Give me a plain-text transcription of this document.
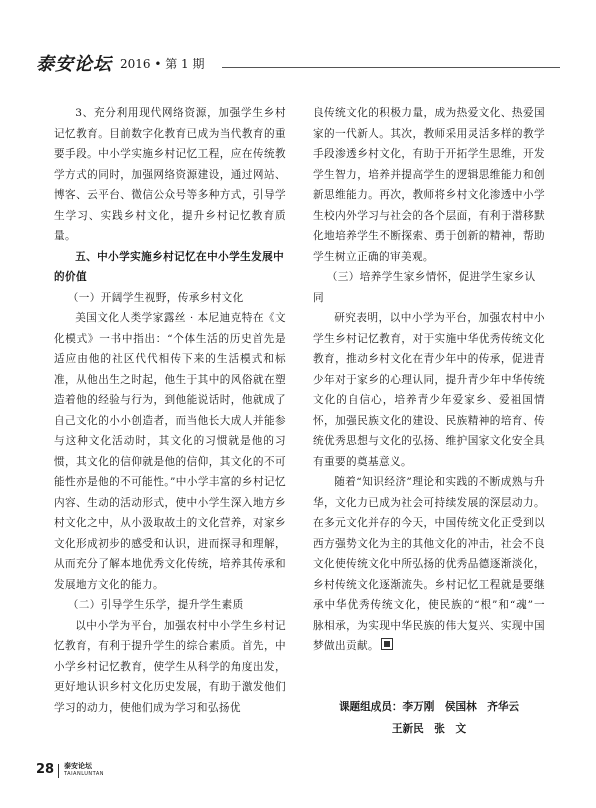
泰安论坛 2016 • 第 1 期

3、充分利用现代网络资源，加强学生乡村记忆教育。目前数字化教育已成为当代教育的重要手段。中小学实施乡村记忆工程，应在传统教学方式的同时，加强网络资源建设，通过网站、博客、云平台、微信公众号等多种方式，引导学生学习、实践乡村文化，提升乡村记忆教育质量。

五、中小学实施乡村记忆在中小学生发展中的价值
（一）开阔学生视野，传承乡村文化

美国文化人类学家露丝 · 本尼迪克特在《文化模式》一书中指出：“个体生活的历史首先是适应由他的社区代代相传下来的生活模式和标准，从他出生之时起，他生于其中的风俗就在塑造着他的经验与行为，到他能说话时，他就成了自己文化的小小创造者，而当他长大成人并能参与这种文化活动时，其文化的习惯就是他的习惯，其文化的信仰就是他的信仰，其文化的不可能性亦是他的不可能性。”中小学丰富的乡村记忆内容、生动的活动形式，使中小学生深入地方乡村文化之中，从小汲取故土的文化营养，对家乡文化形成初步的感受和认识，进而探寻和理解，从而充分了解本地优秀文化传统，培养其传承和发展地方文化的能力。

（二）引导学生乐学，提升学生素质

以中小学为平台，加强农村中小学生乡村记忆教育，有利于提升学生的综合素质。首先，中小学乡村记忆教育，使学生从科学的角度出发，更好地认识乡村文化历史发展，有助于激发他们学习的动力，使他们成为学习和弘扬优

良传统文化的积极力量，成为热爱文化、热爱国家的一代新人。其次，教师采用灵活多样的教学手段渗透乡村文化，有助于开拓学生思维，开发学生智力，培养并提高学生的逻辑思维能力和创新思维能力。再次，教师将乡村文化渗透中小学生校内外学习与社会的各个层面，有利于潜移默化地培养学生不断探索、勇于创新的精神，帮助学生树立正确的审美观。

（三）培养学生家乡情怀，促进学生家乡认同

研究表明，以中小学为平台，加强农村中小学生乡村记忆教育，对于实施中华优秀传统文化教育，推动乡村文化在青少年中的传承，促进青少年对于家乡的心理认同，提升青少年中华传统文化的自信心，培养青少年爱家乡、爱祖国情怀，加强民族文化的建设、民族精神的培育、传统优秀思想与文化的弘扬、维护国家文化安全具有重要的奠基意义。

随着“知识经济”理论和实践的不断成熟与升华，文化力已成为社会可持续发展的深层动力。在多元文化并存的今天，中国传统文化正受到以西方强势文化为主的其他文化的冲击，社会不良文化使传统文化中所弘扬的优秀品德逐渐淡化，乡村传统文化逐渐流失。乡村记忆工程就是要继承中华优秀传统文化，使民族的“根”和“魂”一脉相承，为实现中华民族的伟大复兴、实现中国梦做出贡献。

课题组成员：李万刚　侯国林　齐华云
王新民　张　文
28 泰安论坛
TAIANLUNTAN
